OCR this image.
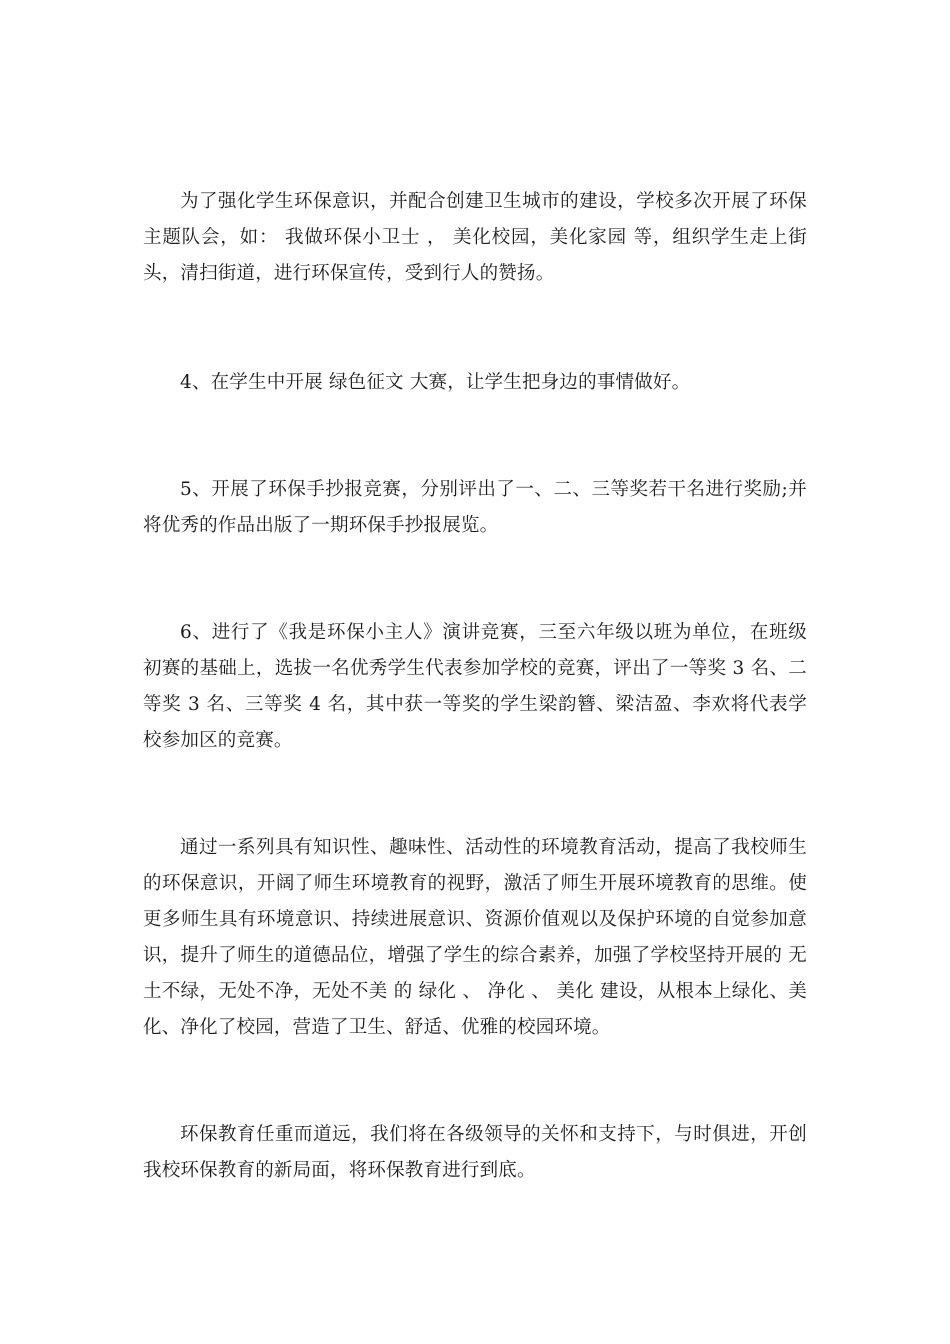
为了强化学生环保意识，并配合创建卫生城市的建设，学校多次开展了环保主题队会，如： 我做环保小卫士 ， 美化校园，美化家园 等，组织学生走上街头，清扫街道，进行环保宣传，受到行人的赞扬。

4、在学生中开展 绿色征文 大赛，让学生把身边的事情做好。

5、开展了环保手抄报竞赛，分别评出了一、二、三等奖若干名进行奖励;并将优秀的作品出版了一期环保手抄报展览。

6、进行了《我是环保小主人》演讲竞赛，三至六年级以班为单位，在班级初赛的基础上，选拔一名优秀学生代表参加学校的竞赛，评出了一等奖 3 名、二等奖 3 名、三等奖 4 名，其中获一等奖的学生梁韵簪、梁洁盈、李欢将代表学校参加区的竞赛。

通过一系列具有知识性、趣味性、活动性的环境教育活动，提高了我校师生的环保意识，开阔了师生环境教育的视野，激活了师生开展环境教育的思维。使更多师生具有环境意识、持续进展意识、资源价值观以及保护环境的自觉参加意识，提升了师生的道德品位，增强了学生的综合素养，加强了学校坚持开展的 无土不绿，无处不净，无处不美 的 绿化 、 净化 、 美化 建设，从根本上绿化、美化、净化了校园，营造了卫生、舒适、优雅的校园环境。

环保教育任重而道远，我们将在各级领导的关怀和支持下，与时俱进，开创我校环保教育的新局面，将环保教育进行到底。
